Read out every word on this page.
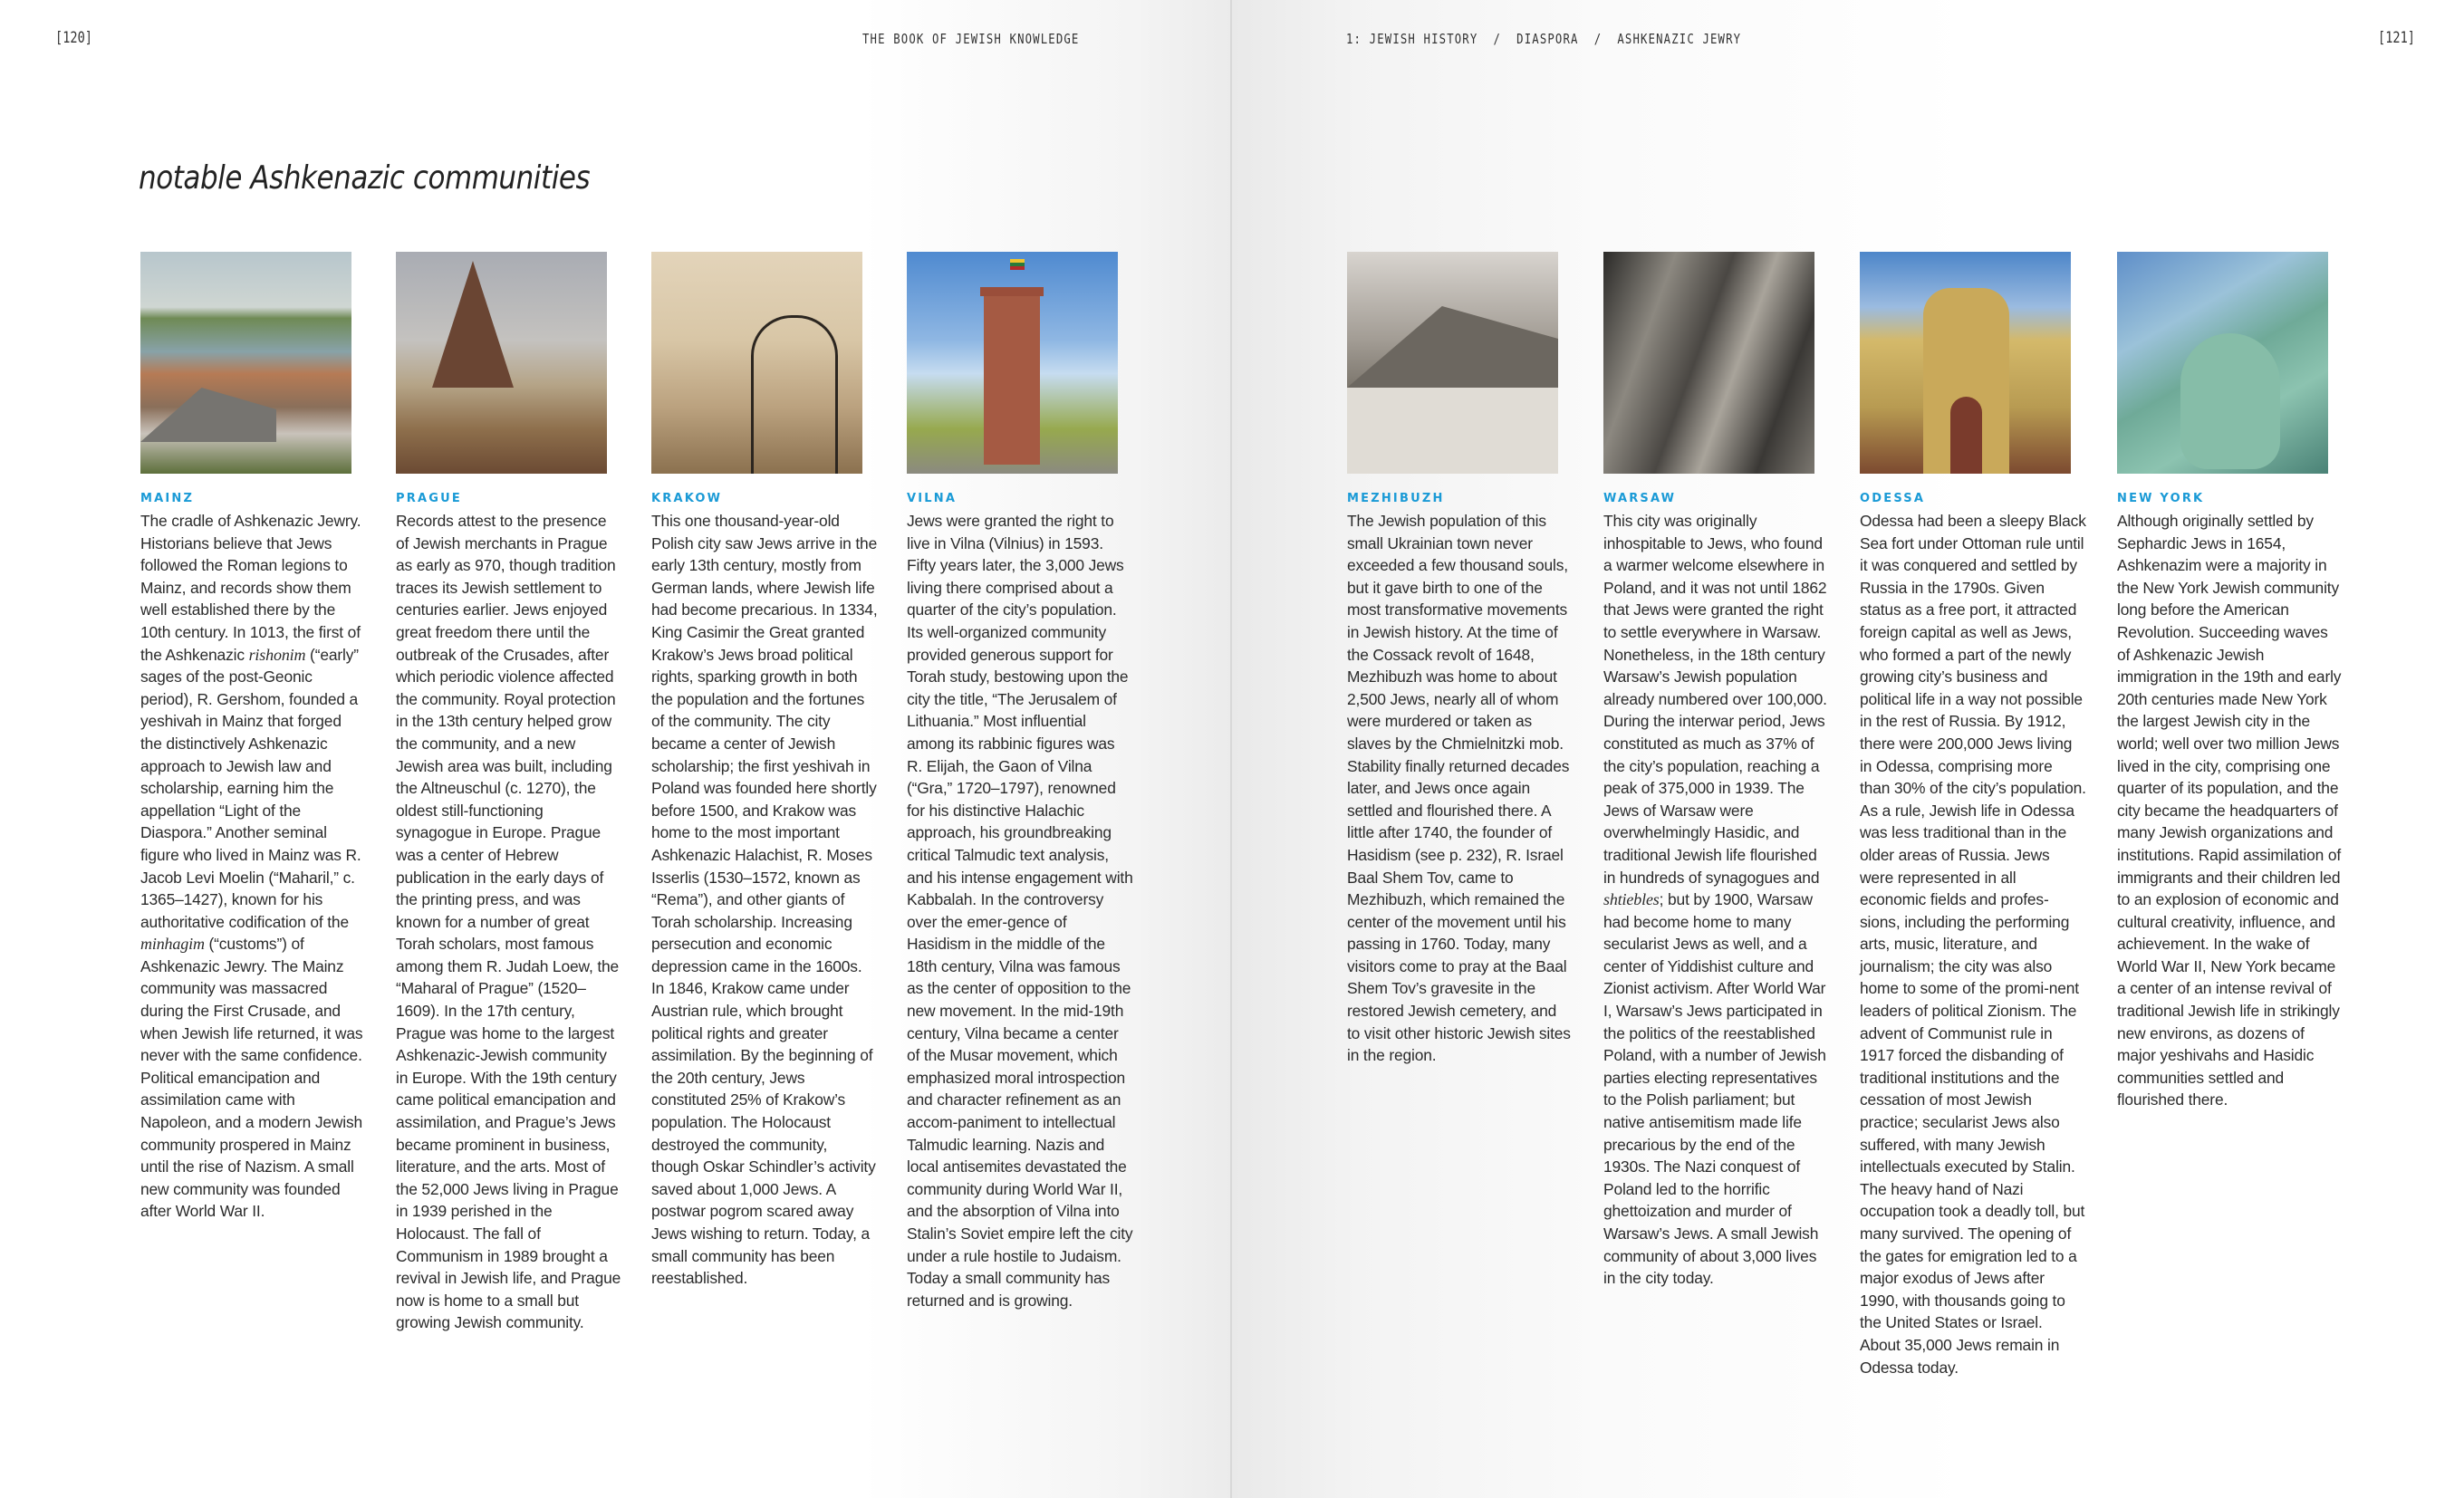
[120]	THE BOOK OF JEWISH KNOWLEDGE	1: JEWISH HISTORY  /  DIASPORA  /  ASHKENAZIC JEWRY	[121]
notable Ashkenazic communities
MAINZ
The cradle of Ashkenazic Jewry. Historians believe that Jews followed the Roman legions to Mainz, and records show them well established there by the 10th century. In 1013, the first of the Ashkenazic rishonim (“early” sages of the post-Geonic period), R. Gershom, founded a yeshivah in Mainz that forged the distinctively Ashkenazic approach to Jewish law and scholarship, earning him the appellation “Light of the Diaspora.” Another seminal figure who lived in Mainz was R. Jacob Levi Moelin (“Maharil,” c. 1365–1427), known for his authoritative codification of the minhagim (“customs”) of Ashkenazic Jewry. The Mainz community was massacred during the First Crusade, and when Jewish life returned, it was never with the same confidence. Political emancipation and assimilation came with Napoleon, and a modern Jewish community prospered in Mainz until the rise of Nazism. A small new community was founded after World War II.
PRAGUE
Records attest to the presence of Jewish merchants in Prague as early as 970, though tradition traces its Jewish settlement to centuries earlier. Jews enjoyed great freedom there until the outbreak of the Crusades, after which periodic violence affected the community. Royal protection in the 13th century helped grow the community, and a new Jewish area was built, including the Altneuschul (c. 1270), the oldest still-functioning synagogue in Europe. Prague was a center of Hebrew publication in the early days of the printing press, and was known for a number of great Torah scholars, most famous among them R. Judah Loew, the “Maharal of Prague” (1520–1609). In the 17th century, Prague was home to the largest Ashkenazic-Jewish community in Europe. With the 19th century came political emancipation and assimilation, and Prague’s Jews became prominent in business, literature, and the arts. Most of the 52,000 Jews living in Prague in 1939 perished in the Holocaust. The fall of Communism in 1989 brought a revival in Jewish life, and Prague now is home to a small but growing Jewish community.
KRAKOW
This one thousand-year-old Polish city saw Jews arrive in the early 13th century, mostly from German lands, where Jewish life had become precarious. In 1334, King Casimir the Great granted Krakow’s Jews broad political rights, sparking growth in both the population and the fortunes of the community. The city became a center of Jewish scholarship; the first yeshivah in Poland was founded here shortly before 1500, and Krakow was home to the most important Ashkenazic Halachist, R. Moses Isserlis (1530–1572, known as “Rema”), and other giants of Torah scholarship. Increasing persecution and economic depression came in the 1600s. In 1846, Krakow came under Austrian rule, which brought political rights and greater assimilation. By the beginning of the 20th century, Jews constituted 25% of Krakow’s population. The Holocaust destroyed the community, though Oskar Schindler’s activity saved about 1,000 Jews. A postwar pogrom scared away Jews wishing to return. Today, a small community has been reestablished.
VILNA
Jews were granted the right to live in Vilna (Vilnius) in 1593. Fifty years later, the 3,000 Jews living there comprised about a quarter of the city’s population. Its well-organized community provided generous support for Torah study, bestowing upon the city the title, “The Jerusalem of Lithuania.” Most influential among its rabbinic figures was R. Elijah, the Gaon of Vilna (“Gra,” 1720–1797), renowned for his distinctive Halachic approach, his groundbreaking critical Talmudic text analysis, and his intense engagement with Kabbalah. In the controversy over the emer-gence of Hasidism in the middle of the 18th century, Vilna was famous as the center of opposition to the new movement. In the mid-19th century, Vilna became a center of the Musar movement, which emphasized moral introspection and character refinement as an accom-paniment to intellectual Talmudic learning. Nazis and local antisemites devastated the community during World War II, and the absorption of Vilna into Stalin’s Soviet empire left the city under a rule hostile to Judaism. Today a small community has returned and is growing.
MEZHIBUZH
The Jewish population of this small Ukrainian town never exceeded a few thousand souls, but it gave birth to one of the most transformative movements in Jewish history. At the time of the Cossack revolt of 1648, Mezhibuzh was home to about 2,500 Jews, nearly all of whom were murdered or taken as slaves by the Chmielnitzki mob. Stability finally returned decades later, and Jews once again settled and flourished there. A little after 1740, the founder of Hasidism (see p. 232), R. Israel Baal Shem Tov, came to Mezhibuzh, which remained the center of the movement until his passing in 1760. Today, many visitors come to pray at the Baal Shem Tov’s gravesite in the restored Jewish cemetery, and to visit other historic Jewish sites in the region.
WARSAW
This city was originally inhospitable to Jews, who found a warmer welcome elsewhere in Poland, and it was not until 1862 that Jews were granted the right to settle everywhere in Warsaw. Nonetheless, in the 18th century Warsaw’s Jewish population already numbered over 100,000. During the interwar period, Jews constituted as much as 37% of the city’s population, reaching a peak of 375,000 in 1939. The Jews of Warsaw were overwhelmingly Hasidic, and traditional Jewish life flourished in hundreds of synagogues and shtiebles; but by 1900, Warsaw had become home to many secularist Jews as well, and a center of Yiddishist culture and Zionist activism. After World War I, Warsaw’s Jews participated in the politics of the reestablished Poland, with a number of Jewish parties electing representatives to the Polish parliament; but native antisemitism made life precarious by the end of the 1930s. The Nazi conquest of Poland led to the horrific ghettoization and murder of Warsaw’s Jews. A small Jewish community of about 3,000 lives in the city today.
ODESSA
Odessa had been a sleepy Black Sea fort under Ottoman rule until it was conquered and settled by Russia in the 1790s. Given status as a free port, it attracted foreign capital as well as Jews, who formed a part of the newly growing city’s business and political life in a way not possible in the rest of Russia. By 1912, there were 200,000 Jews living in Odessa, comprising more than 30% of the city’s population. As a rule, Jewish life in Odessa was less traditional than in the older areas of Russia. Jews were represented in all economic fields and profes-sions, including the performing arts, music, literature, and journalism; the city was also home to some of the promi-nent leaders of political Zionism. The advent of Communist rule in 1917 forced the disbanding of traditional institutions and the cessation of most Jewish practice; secularist Jews also suffered, with many Jewish intellectuals executed by Stalin. The heavy hand of Nazi occupation took a deadly toll, but many survived. The opening of the gates for emigration led to a major exodus of Jews after 1990, with thousands going to the United States or Israel. About 35,000 Jews remain in Odessa today.
NEW YORK
Although originally settled by Sephardic Jews in 1654, Ashkenazim were a majority in the New York Jewish community long before the American Revolution. Succeeding waves of Ashkenazic Jewish immigration in the 19th and early 20th centuries made New York the largest Jewish city in the world; well over two million Jews lived in the city, comprising one quarter of its population, and the city became the headquarters of many Jewish organizations and institutions. Rapid assimilation of immigrants and their children led to an explosion of economic and cultural creativity, influence, and achievement. In the wake of World War II, New York became a center of an intense revival of traditional Jewish life in strikingly new environs, as dozens of major yeshivahs and Hasidic communities settled and flourished there.
